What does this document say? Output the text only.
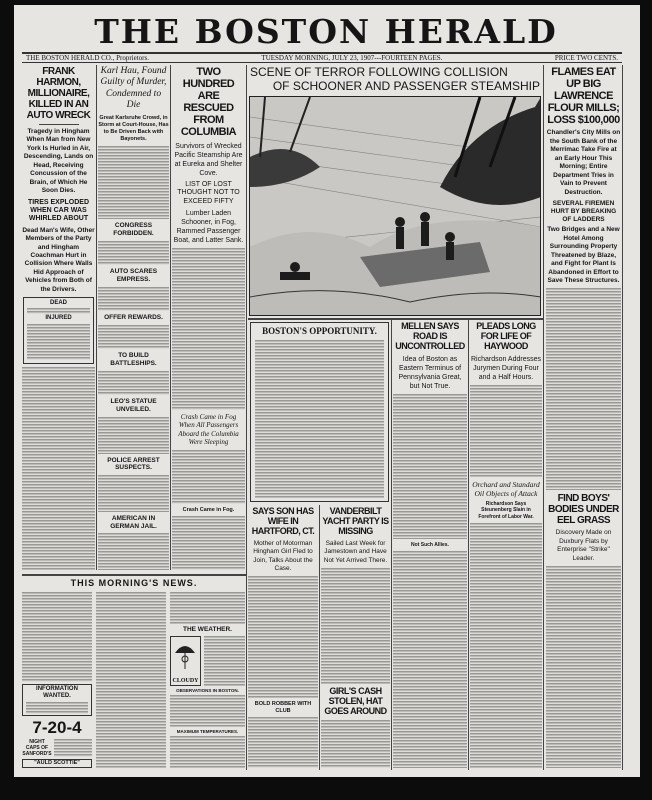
THE BOSTON HERALD
THE BOSTON HERALD CO., Proprietors.	TUESDAY MORNING, JULY 23, 1907---FOURTEEN PAGES.	PRICE TWO CENTS.
FRANK HARMON, MILLIONAIRE, KILLED IN AN AUTO WRECK
Tragedy in Hingham When Man from New York Is Hurled in Air, Descending, Lands on Head, Receiving Concussion of the Brain, of Which He Soon Dies.
TIRES EXPLODED WHEN CAR WAS WHIRLED ABOUT
Dead Man's Wife, Other Members of the Party and Hingham Coachman Hurt in Collision Where Walls Hid Approach of Vehicles from Both of the Drivers.
DEAD
INJURED
Karl Hau, Found Guilty of Murder, Condemned to Die
Great Karlsruhe Crowd, in Storm at Court-House, Has to Be Driven Back with Bayonets.
CONGRESS FORBIDDEN.
AUTO SCARES EMPRESS.
OFFER REWARDS.
TO BUILD BATTLESHIPS.
LEO'S STATUE UNVEILED.
POLICE ARREST SUSPECTS.
AMERICAN IN GERMAN JAIL.
TWO HUNDRED ARE RESCUED FROM COLUMBIA
Survivors of Wrecked Pacific Steamship Are at Eureka and Shelter Cove.
LIST OF LOST THOUGHT NOT TO EXCEED FIFTY
Lumber Laden Schooner, in Fog, Rammed Passenger Boat, and Latter Sank.
Crash Came in Fog When All Passengers Aboard the Columbia Were Sleeping
Crash Came in Fog.
SCENE OF TERROR FOLLOWING COLLISION
OF SCHOONER AND PASSENGER STEAMSHIP
FLAMES EAT UP BIG LAWRENCE FLOUR MILLS; LOSS $100,000
Chandler's City Mills on the South Bank of the Merrimac Take Fire at an Early Hour This Morning; Entire Department Tries in Vain to Prevent Destruction.
SEVERAL FIREMEN HURT BY BREAKING OF LADDERS
Two Bridges and a New Hotel Among Surrounding Property Threatened by Blaze, and Fight for Plant Is Abandoned in Effort to Save These Structures.
FIND BOYS' BODIES UNDER EEL GRASS
Discovery Made on Duxbury Flats by Enterprise "Strike" Leader.
BOSTON'S OPPORTUNITY.	MELLEN SAYS ROAD IS UNCONTROLLED
Idea of Boston as Eastern Terminus of Pennsylvania Great, but Not True.
Not Such Allies.
PLEADS LONG FOR LIFE OF HAYWOOD
Richardson Addresses Jurymen During Four and a Half Hours.
Orchard and Standard Oil Objects of Attack
Richardson Says Steunenberg Slain in Forefront of Labor War.
SAYS SON HAS WIFE IN HARTFORD, CT.
Mother of Motorman Hingham Girl Fled to Join, Talks About the Case.
BOLD ROBBER WITH CLUB
VANDERBILT YACHT PARTY IS MISSING
Sailed Last Week for Jamestown and Have Not Yet Arrived There.
GIRL'S CASH STOLEN, HAT GOES AROUND
THIS MORNING'S NEWS.
INFORMATION WANTED.
7-20-4
NIGHT CAPS OF SANFORD'S
"AULD SCOTTIE"
THE WEATHER.
CLOUDY
OBSERVATIONS IN BOSTON.
MAXIMUM TEMPERATURES.
